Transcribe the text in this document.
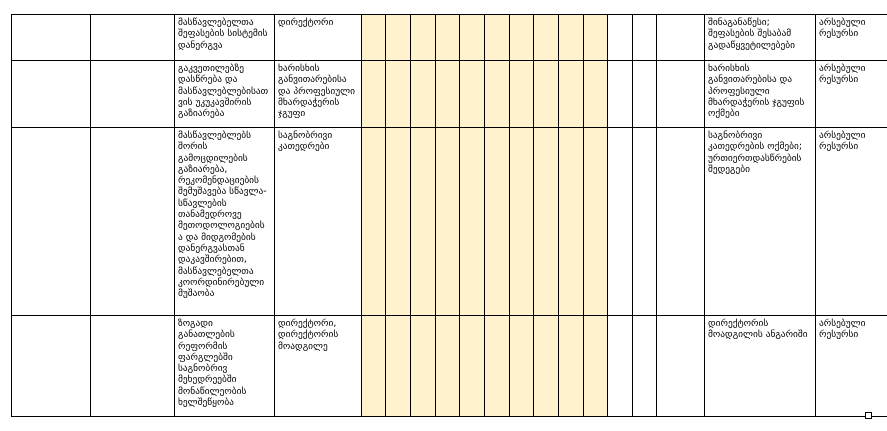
		მასწავლებელთა შეფასების სისტემის დანერგვა	დირექტორი														შინაგანაწესი; შეფასების შესაბამ გადაწყვეტილებები	არსებული რესურსი

		გაკვეთილებზე დასწრება და მასწავლებლებისათვის უკუკავშირის გაზიარება	ხარისხის განვითარებისა და პროფესიული მხარდაჭერის ჯგუფი														ხარისხის განვითარებისა და პროფესიული მხარდაჭერის ჯგუფის ოქმები	არსებული რესურსი

		მასწავლებლებს შორის გამოცდილების გაზიარება, რეკომენდაციების შემუშავება სწავლა-სწავლების თანამედროვე მეთოდოლოგიების ა და მიდგომების დანერგვასთან დაკავშირებით, მასწავლებელთა კოორდინირებული მუშაობა	საგნობრივი კათედრები														საგნობრივი კათედრების ოქმები; ურთიერთდასწრების შედეგები	არსებული რესურსი

		ზოგადი განათლების რეფორმის ფარგლებში საგნობრივ მეხედრეებში მონაწილეობის ხელშეწყობა	დირექტორი, დირექტორის მოადგილე														დირექტორის მოადგილის ანგარიში	არსებული რესურსი
